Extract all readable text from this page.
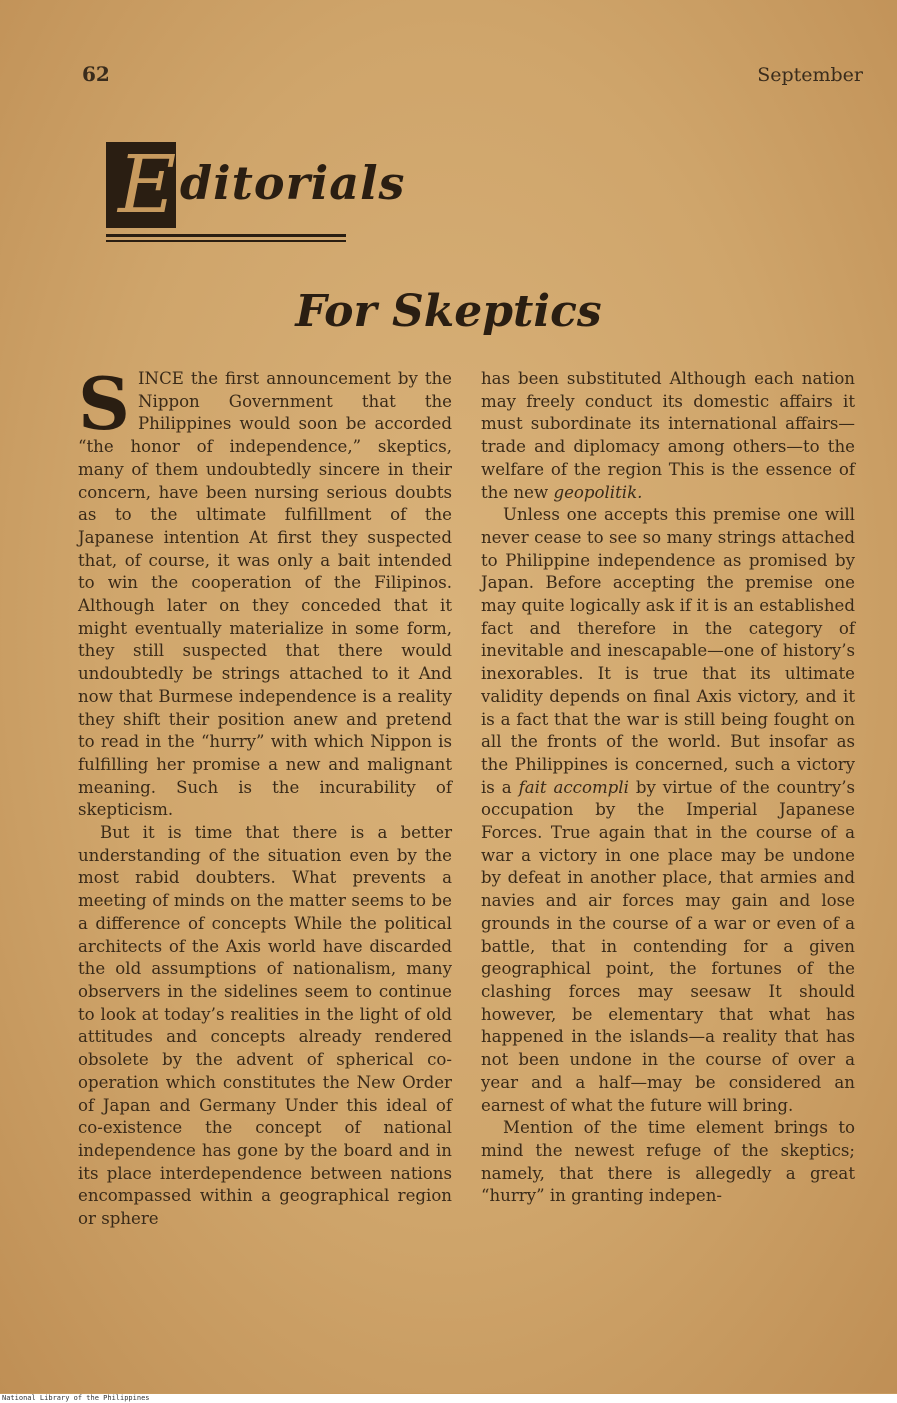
62	September
E ditorials
For Skeptics

SINCE the first announcement by the Nippon Government that the Philippines would soon be accorded “the honor of independence,” skeptics, many of them undoubtedly sincere in their concern, have been nursing serious doubts as to the ultimate fulfillment of the Japanese intention At first they suspected that, of course, it was only a bait intended to win the cooperation of the Filipinos. Although later on they conceded that it might eventually materialize in some form, they still suspected that there would undoubtedly be strings attached to it And now that Burmese independence is a reality they shift their position anew and pretend to read in the “hurry” with which Nippon is fulfilling her promise a new and malignant meaning. Such is the incurability of skepticism.

But it is time that there is a better understanding of the situation even by the most rabid doubters. What prevents a meeting of minds on the matter seems to be a difference of concepts While the political architects of the Axis world have discarded the old assumptions of nationalism, many observers in the sidelines seem to continue to look at today’s realities in the light of old attitudes and concepts already rendered obsolete by the advent of spherical co-operation which constitutes the New Order of Japan and Germany Under this ideal of co-existence the concept of national independence has gone by the board and in its place interdependence between nations encompassed within a geographical region or sphere

has been substituted Although each nation may freely conduct its domestic affairs it must subordinate its international affairs—trade and diplomacy among others—to the welfare of the region This is the essence of the new geopolitik.

Unless one accepts this premise one will never cease to see so many strings attached to Philippine independence as promised by Japan. Before accepting the premise one may quite logically ask if it is an established fact and therefore in the category of inevitable and inescapable—one of history’s inexorables. It is true that its ultimate validity depends on final Axis victory, and it is a fact that the war is still being fought on all the fronts of the world. But insofar as the Philippines is concerned, such a victory is a fait accompli by virtue of the country’s occupation by the Imperial Japanese Forces. True again that in the course of a war a victory in one place may be undone by defeat in another place, that armies and navies and air forces may gain and lose grounds in the course of a war or even of a battle, that in contending for a given geographical point, the fortunes of the clashing forces may seesaw It should however, be elementary that what has happened in the islands—a reality that has not been undone in the course of over a year and a half—may be considered an earnest of what the future will bring.

Mention of the time element brings to mind the newest refuge of the skeptics; namely, that there is allegedly a great “hurry” in granting indepen-

National Library of the Philippines
